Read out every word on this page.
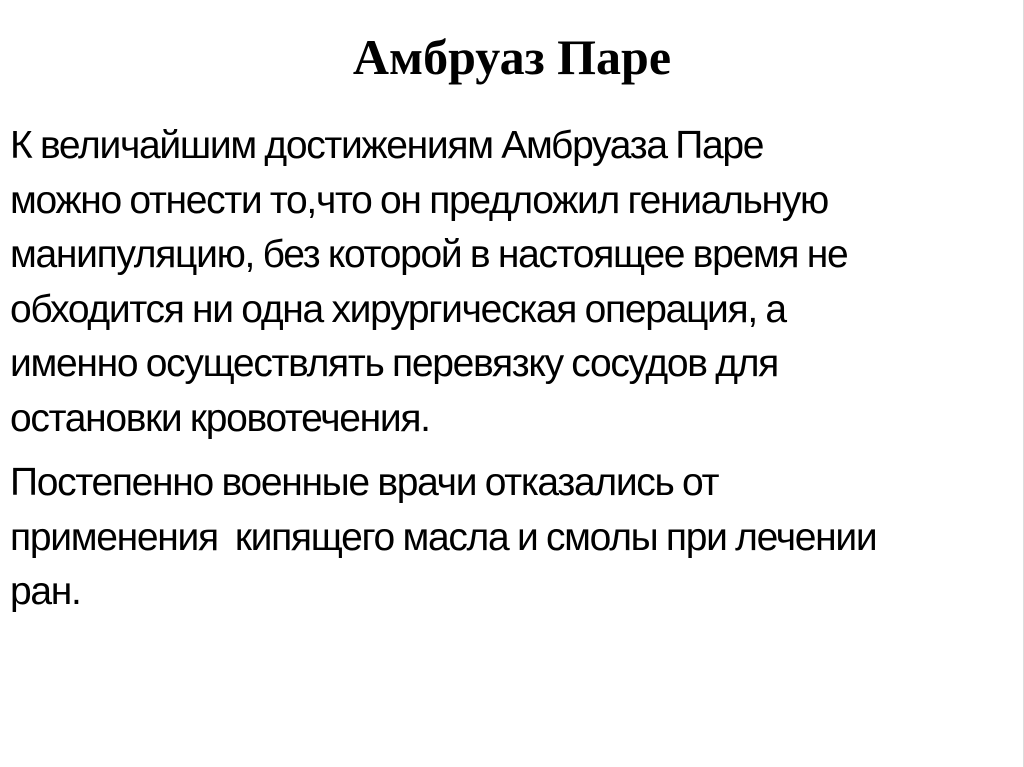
Амбруаз Паре

К величайшим достижениям Амбруаза Паре
можно отнести то,что он предложил гениальную
манипуляцию, без которой в настоящее время не
обходится ни одна хирургическая операция, а
именно осуществлять перевязку сосудов для
остановки кровотечения.

Постепенно военные врачи отказались от
применения  кипящего масла и смолы при лечении
ран.
